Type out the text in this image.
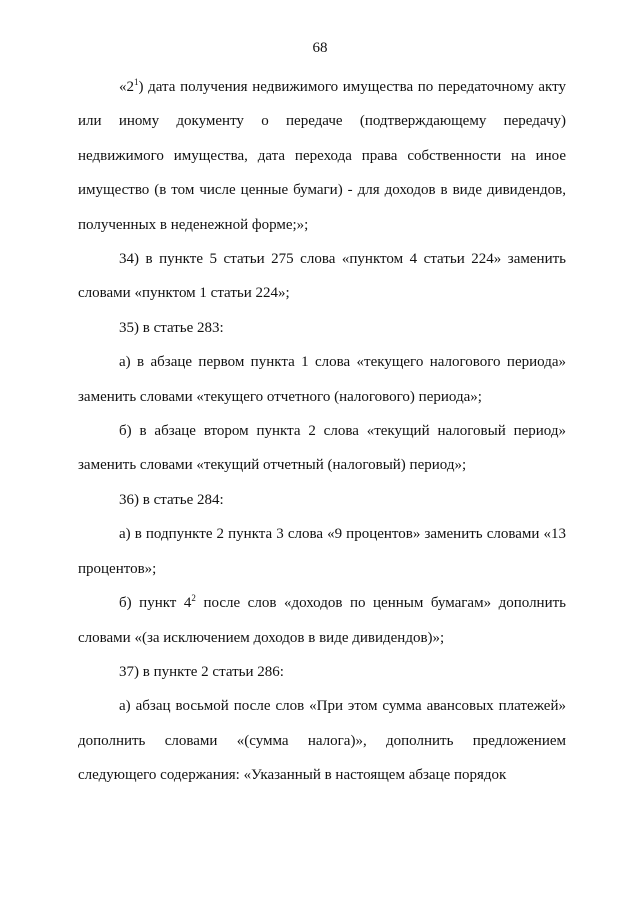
68

«$2^1$) дата получения недвижимого имущества по передаточному акту или иному документу о передаче (подтверждающему передачу) недвижимого имущества, дата перехода права собственности на иное имущество (в том числе ценные бумаги) - для доходов в виде дивидендов, полученных в неденежной форме;»;

34) в пункте 5 статьи 275 слова «пунктом 4 статьи 224» заменить словами «пунктом 1 статьи 224»;

35) в статье 283:

а) в абзаце первом пункта 1 слова «текущего налогового периода» заменить словами «текущего отчетного (налогового) периода»;

б) в абзаце втором пункта 2 слова «текущий налоговый период» заменить словами «текущий отчетный (налоговый) период»;

36) в статье 284:

а) в подпункте 2 пункта 3 слова «9 процентов» заменить словами «13 процентов»;

б) пункт $4^2$ после слов «доходов по ценным бумагам» дополнить словами «(за исключением доходов в виде дивидендов)»;

37) в пункте 2 статьи 286:

а) абзац восьмой после слов «При этом сумма авансовых платежей» дополнить словами «(сумма налога)», дополнить предложением следующего содержания: «Указанный в настоящем абзаце порядок
